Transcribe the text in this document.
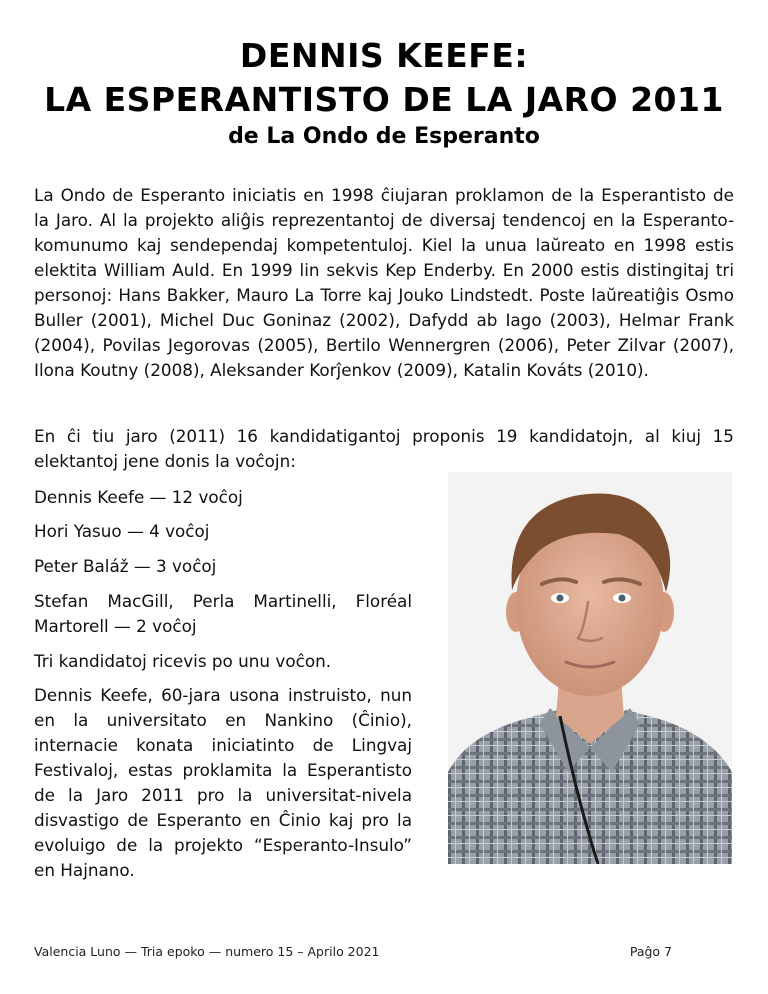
DENNIS KEEFE:
LA ESPERANTISTO DE LA JARO 2011
de La Ondo de Esperanto

La Ondo de Esperanto iniciatis en 1998 ĉiujaran proklamon de la Esperantisto de la Jaro. Al la projekto aliĝis reprezentantoj de diversaj tendencoj en la Esperanto-komunumo kaj sendependaj kompetentuloj. Kiel la unua laŭreato en 1998 estis elektita William Auld. En 1999 lin sekvis Kep Enderby. En 2000 estis distingitaj tri personoj: Hans Bakker, Mauro La Torre kaj Jouko Lindstedt. Poste laŭreatiĝis Osmo Buller (2001), Michel Duc Goninaz (2002), Dafydd ab Iago (2003), Helmar Frank (2004), Povilas Jegorovas (2005), Bertilo Wennergren (2006), Peter Zilvar (2007), Ilona Koutny (2008), Aleksander Korĵenkov (2009), Katalin Kováts (2010).

En ĉi tiu jaro (2011) 16 kandidatigantoj proponis 19 kandidatojn, al kiuj 15 elektantoj jene donis la voĉojn:

Dennis Keefe — 12 voĉoj

Hori Yasuo — 4 voĉoj

Peter Baláž — 3 voĉoj

Stefan MacGill, Perla Martinelli, Floréal Martorell — 2 voĉoj

Tri kandidatoj ricevis po unu voĉon.

Dennis Keefe, 60-jara usona instruisto, nun en la universitato en Nankino (Ĉinio), internacie konata iniciatinto de Lingvaj Festivaloj, estas proklamita la Esperantisto de la Jaro 2011 pro la universitat-nivela disvastigo de Esperanto en Ĉinio kaj pro la evoluigo de la projekto “Esperanto-Insulo” en Hajnano.

Valencia Luno — Tria epoko — numero 15 – Aprilo 2021	Paĝo 7
